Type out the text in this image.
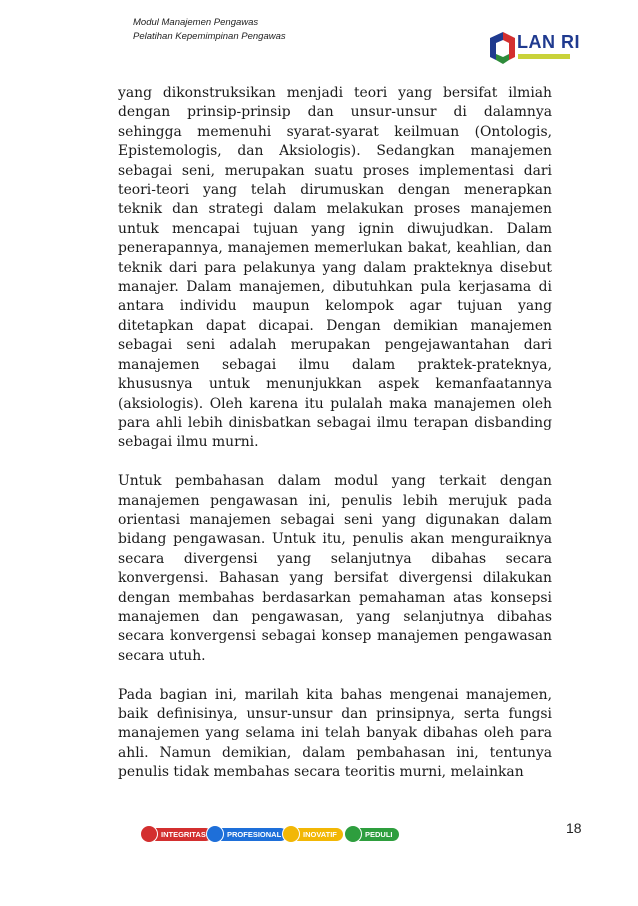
Modul Manajemen Pengawas
Pelatihan Kepemimpinan Pengawas	LAN RI

yang dikonstruksikan menjadi teori yang bersifat ilmiah dengan prinsip-prinsip dan unsur-unsur di dalamnya sehingga memenuhi syarat-syarat keilmuan (Ontologis, Epistemologis, dan Aksiologis). Sedangkan manajemen sebagai seni, merupakan suatu proses implementasi dari teori-teori yang telah dirumuskan dengan menerapkan teknik dan strategi dalam melakukan proses manajemen untuk mencapai tujuan yang ignin diwujudkan. Dalam penerapannya, manajemen memerlukan bakat, keahlian, dan teknik dari para pelakunya yang dalam prakteknya disebut manajer. Dalam manajemen, dibutuhkan pula kerjasama di antara individu maupun kelompok agar tujuan yang ditetapkan dapat dicapai. Dengan demikian manajemen sebagai seni adalah merupakan pengejawantahan dari manajemen sebagai ilmu dalam praktek-prateknya, khususnya untuk menunjukkan aspek kemanfaatannya (aksiologis). Oleh karena itu pulalah maka manajemen oleh para ahli lebih dinisbatkan sebagai ilmu terapan disbanding sebagai ilmu murni.

Untuk pembahasan dalam modul yang terkait dengan manajemen pengawasan ini, penulis lebih merujuk pada orientasi manajemen sebagai seni yang digunakan dalam bidang pengawasan. Untuk itu, penulis akan menguraiknya secara divergensi yang selanjutnya dibahas secara konvergensi. Bahasan yang bersifat divergensi dilakukan dengan membahas berdasarkan pemahaman atas konsepsi manajemen dan pengawasan, yang selanjutnya dibahas secara konvergensi sebagai konsep manajemen pengawasan secara utuh.

Pada bagian ini, marilah kita bahas mengenai manajemen, baik definisinya, unsur-unsur dan prinsipnya, serta fungsi manajemen yang selama ini telah banyak dibahas oleh para ahli. Namun demikian, dalam pembahasan ini, tentunya penulis tidak membahas secara teoritis murni, melainkan

INTEGRITAS	PROFESIONAL	INOVATIF	PEDULI	18
